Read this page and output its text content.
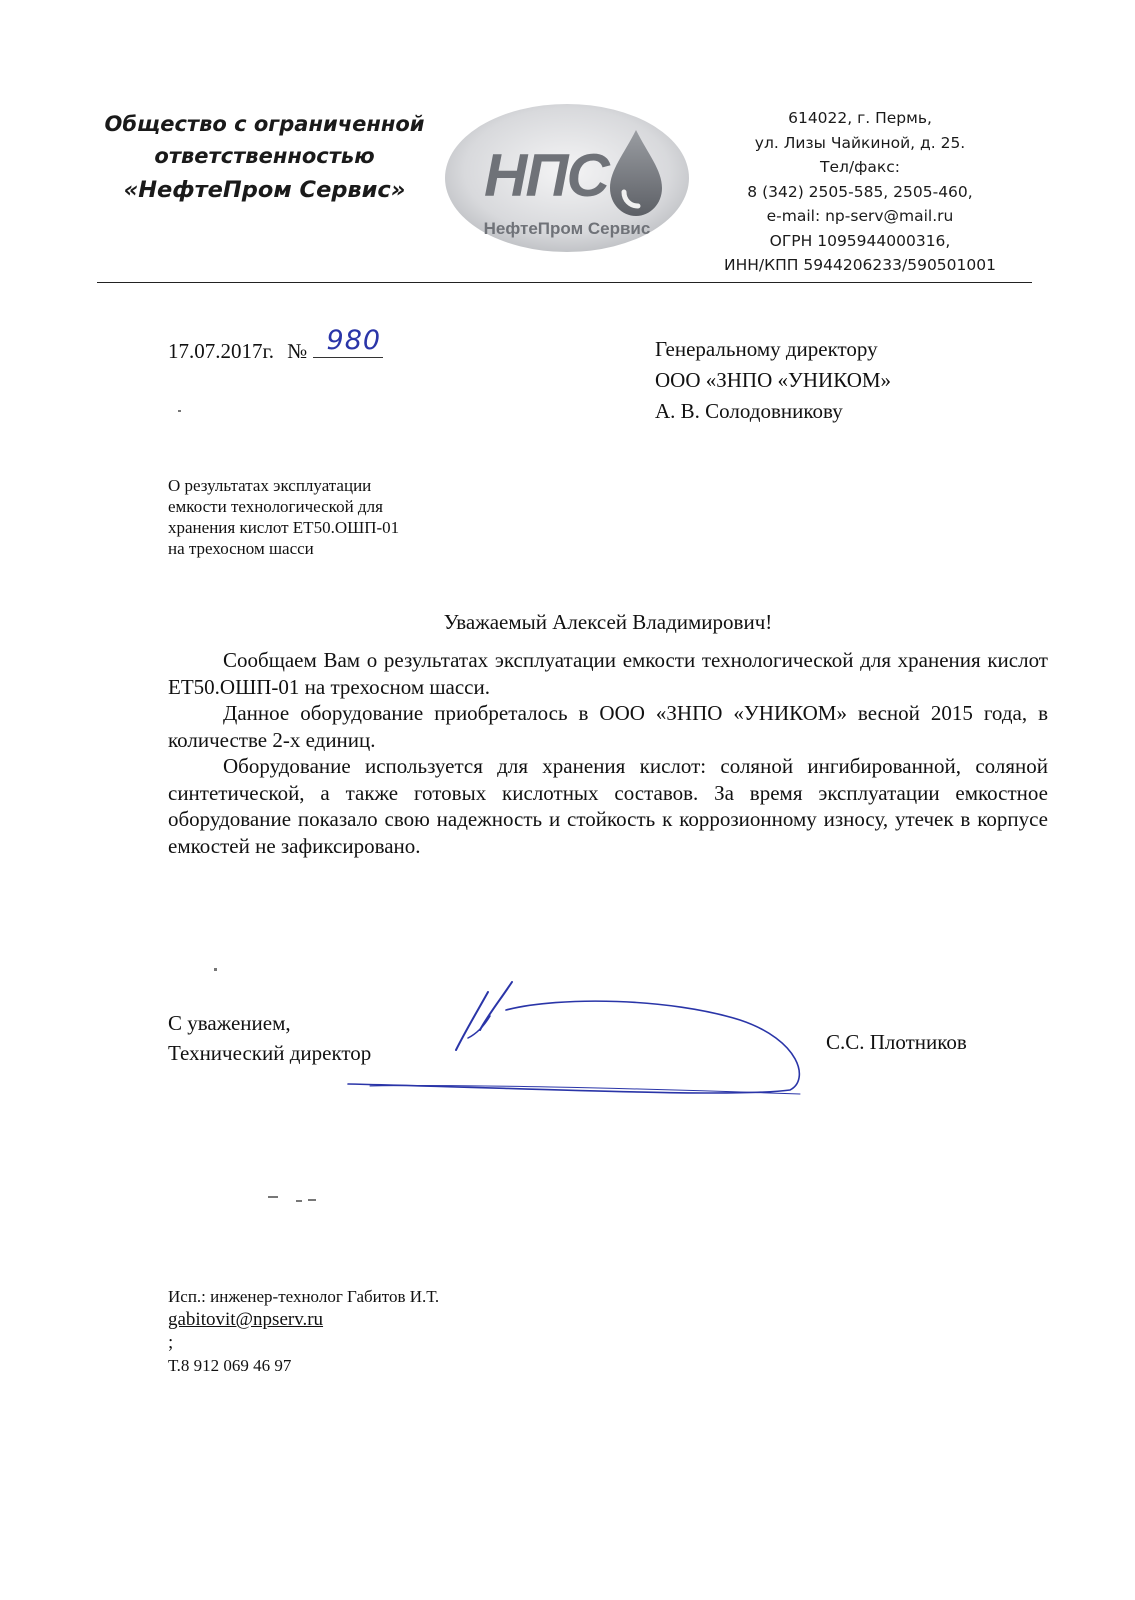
Общество с ограниченной
ответственностью
«НефтеПром Сервис»	НПС
НефтеПром Сервис
614022, г. Пермь,
ул. Лизы Чайкиной, д. 25.
Тел/факс:
8 (342) 2505-585, 2505-460,
e-mail: np-serv@mail.ru
ОГРН 1095944000316,
ИНН/КПП 5944206233/590501001
17.07.2017г. № 980	Генеральному директору
ООО «ЗНПО «УНИКОМ»
А. В. Солодовникову
О результатах эксплуатации
емкости технологической для
хранения кислот ЕТ50.ОШП-01
на трехосном шасси
Уважаемый Алексей Владимирович!

Сообщаем Вам о результатах эксплуатации емкости технологической для хранения кислот ЕТ50.ОШП-01 на трехосном шасси.

Данное оборудование приобреталось в ООО «ЗНПО «УНИКОМ» весной 2015 года, в количестве 2-х единиц.

Оборудование используется для хранения кислот: соляной ингибированной, соляной синтетической, а также готовых кислотных составов. За время эксплуатации емкостное оборудование показало свою надежность и стойкость к коррозионному износу, утечек в корпусе емкостей не зафиксировано.

С уважением,
Технический директор	С.С. Плотников
Исп.: инженер-технолог Габитов И.Т.
gabitovit@npserv.ru
;
Т.8 912 069 46 97
